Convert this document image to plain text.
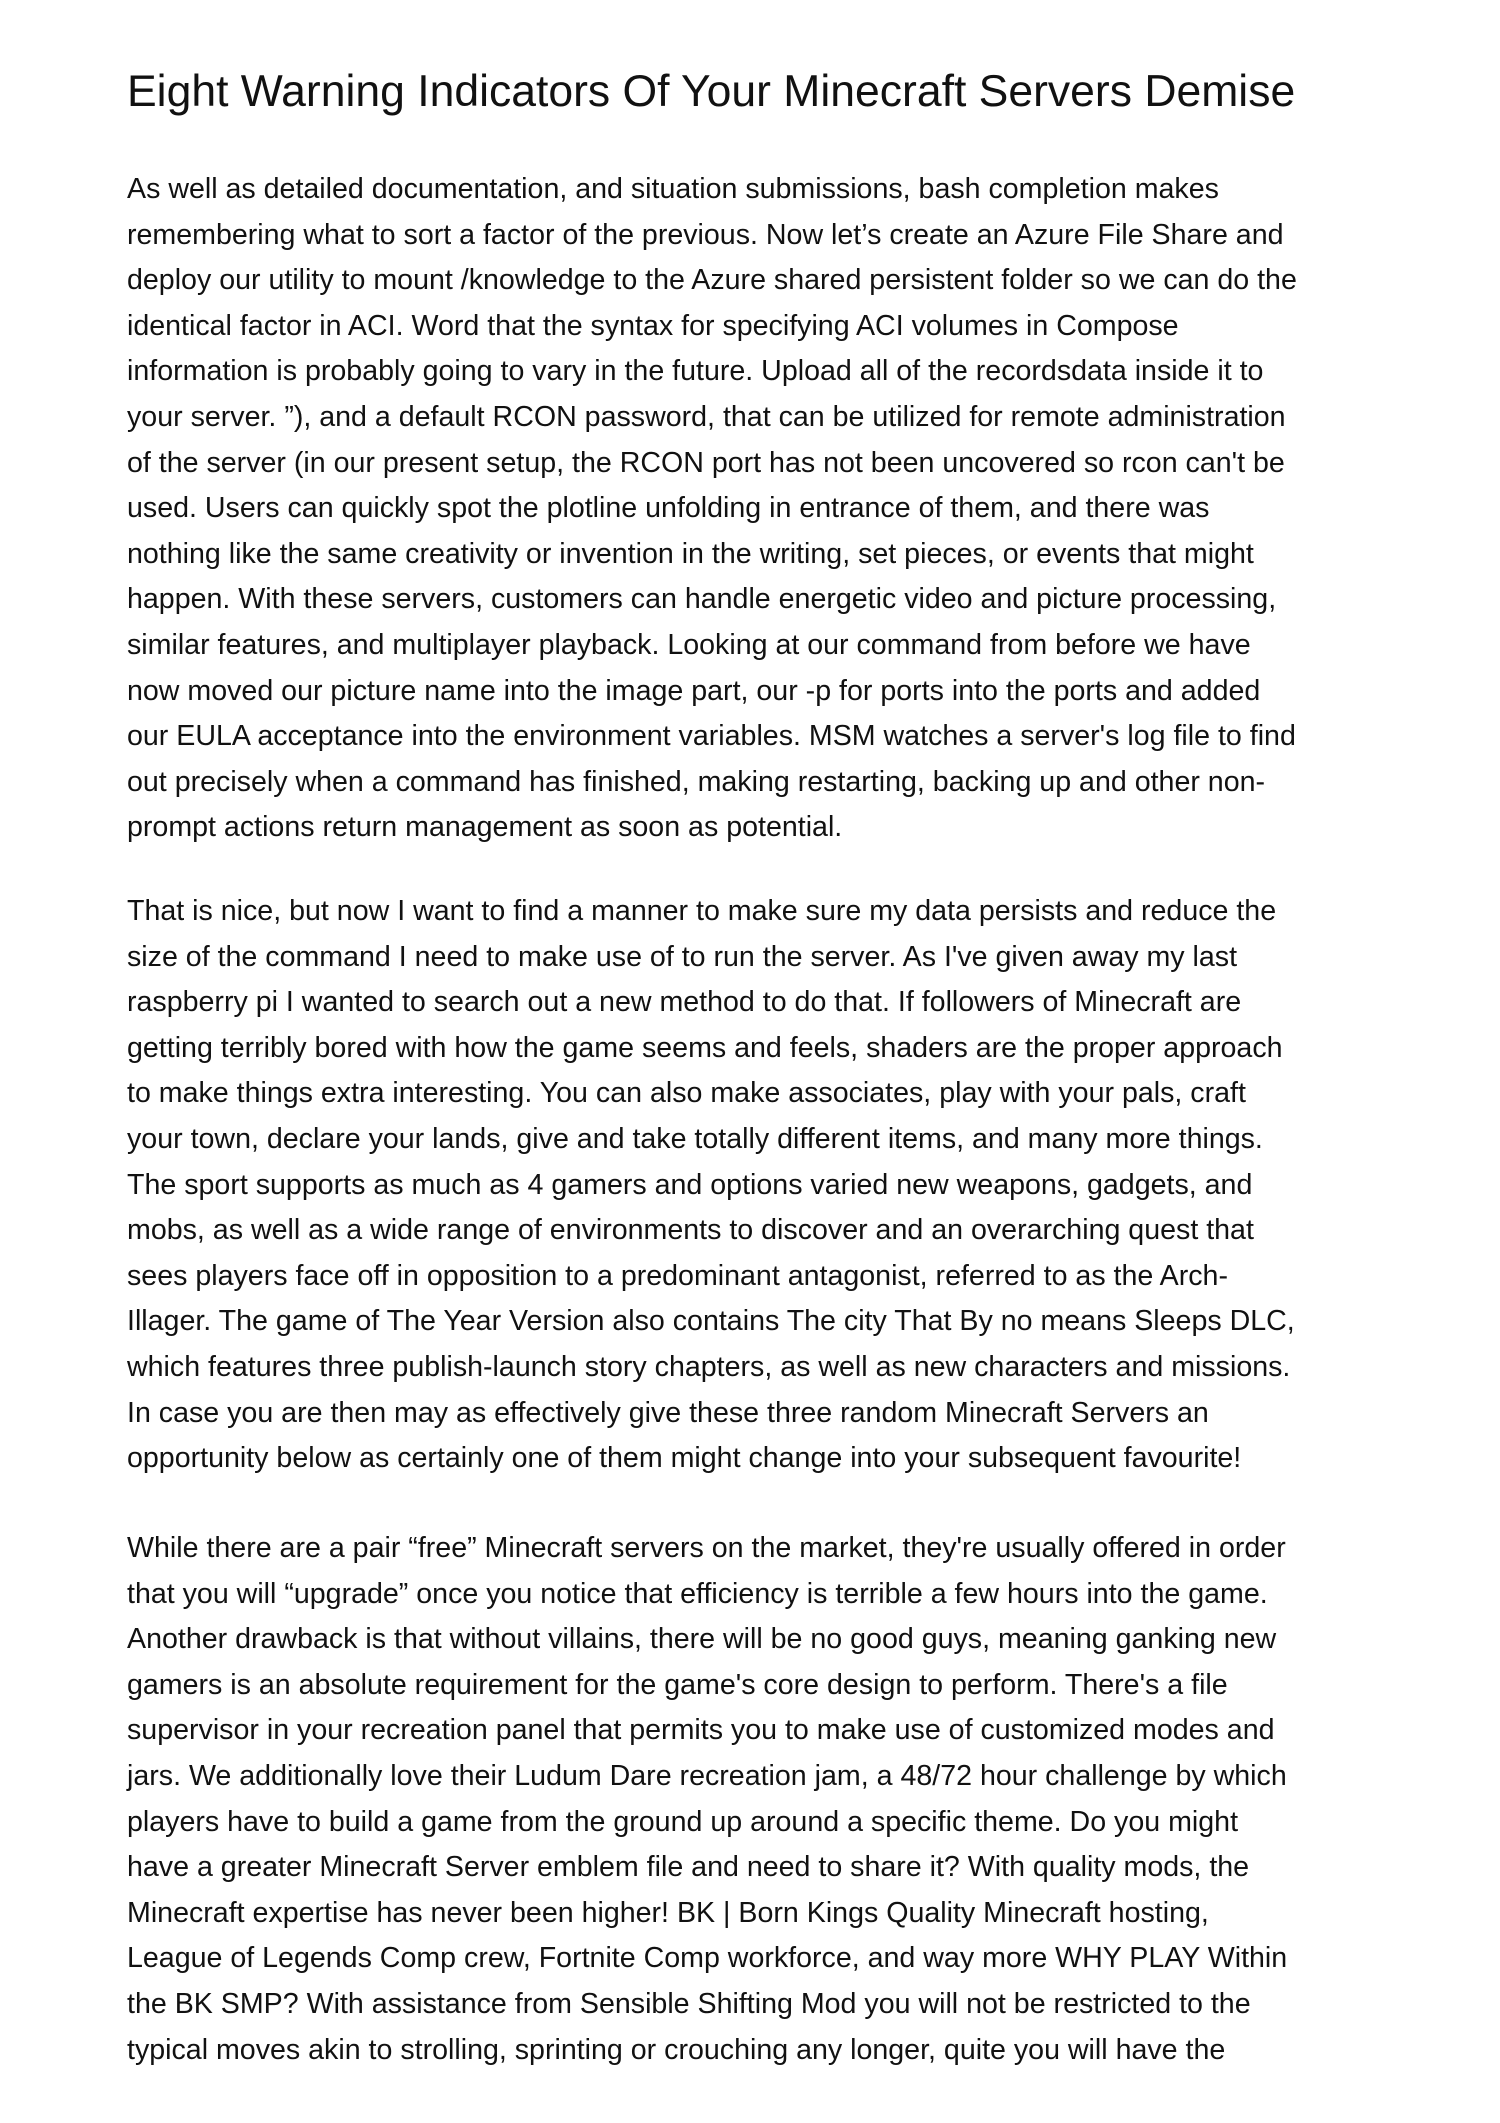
Eight Warning Indicators Of Your Minecraft Servers Demise

As well as detailed documentation, and situation submissions, bash completion makes
remembering what to sort a factor of the previous. Now let’s create an Azure File Share and
deploy our utility to mount /knowledge to the Azure shared persistent folder so we can do the
identical factor in ACI. Word that the syntax for specifying ACI volumes in Compose
information is probably going to vary in the future. Upload all of the recordsdata inside it to
your server. ”), and a default RCON password, that can be utilized for remote administration
of the server (in our present setup, the RCON port has not been uncovered so rcon can't be
used. Users can quickly spot the plotline unfolding in entrance of them, and there was
nothing like the same creativity or invention in the writing, set pieces, or events that might
happen. With these servers, customers can handle energetic video and picture processing,
similar features, and multiplayer playback. Looking at our command from before we have
now moved our picture name into the image part, our -p for ports into the ports and added
our EULA acceptance into the environment variables. MSM watches a server's log file to find
out precisely when a command has finished, making restarting, backing up and other non-
prompt actions return management as soon as potential.

That is nice, but now I want to find a manner to make sure my data persists and reduce the
size of the command I need to make use of to run the server. As I've given away my last
raspberry pi I wanted to search out a new method to do that. If followers of Minecraft are
getting terribly bored with how the game seems and feels, shaders are the proper approach
to make things extra interesting. You can also make associates, play with your pals, craft
your town, declare your lands, give and take totally different items, and many more things.
The sport supports as much as 4 gamers and options varied new weapons, gadgets, and
mobs, as well as a wide range of environments to discover and an overarching quest that
sees players face off in opposition to a predominant antagonist, referred to as the Arch-
Illager. The game of The Year Version also contains The city That By no means Sleeps DLC,
which features three publish-launch story chapters, as well as new characters and missions.
In case you are then may as effectively give these three random Minecraft Servers an
opportunity below as certainly one of them might change into your subsequent favourite!

While there are a pair “free” Minecraft servers on the market, they're usually offered in order
that you will “upgrade” once you notice that efficiency is terrible a few hours into the game.
Another drawback is that without villains, there will be no good guys, meaning ganking new
gamers is an absolute requirement for the game's core design to perform. There's a file
supervisor in your recreation panel that permits you to make use of customized modes and
jars. We additionally love their Ludum Dare recreation jam, a 48/72 hour challenge by which
players have to build a game from the ground up around a specific theme. Do you might
have a greater Minecraft Server emblem file and need to share it? With quality mods, the
Minecraft expertise has never been higher! BK | Born Kings Quality Minecraft hosting,
League of Legends Comp crew, Fortnite Comp workforce, and way more WHY PLAY Within
the BK SMP? With assistance from Sensible Shifting Mod you will not be restricted to the
typical moves akin to strolling, sprinting or crouching any longer, quite you will have the
